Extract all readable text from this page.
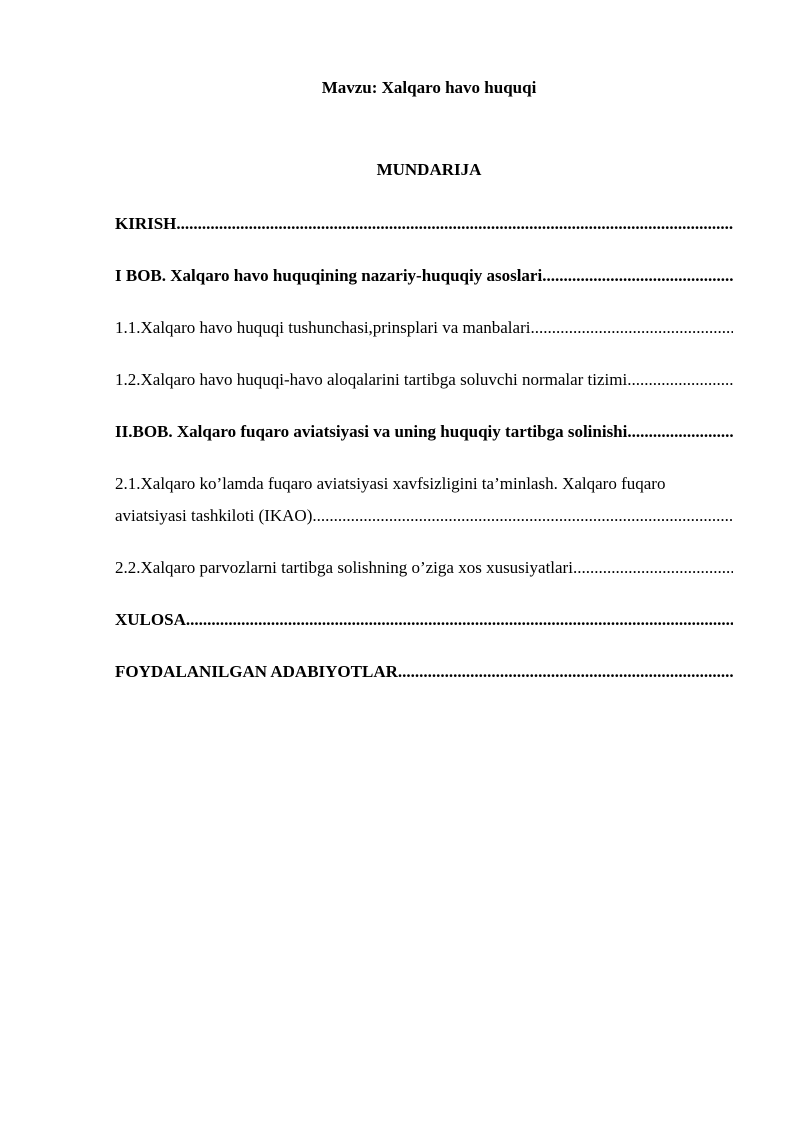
Mavzu: Xalqaro havo huquqi
MUNDARIJA
KIRISH
.....
I BOB. Xalqaro havo huquqining nazariy-huquqiy asoslari
.....
1.1.Xalqaro havo huquqi tushunchasi,prinsplari va manbalari
.....
1.2.Xalqaro havo huquqi-havo aloqalarini tartibga soluvchi normalar tizimi
.....
II.BOB. Xalqaro fuqaro aviatsiyasi va uning huquqiy tartibga solinishi
.....
2.1.Xalqaro ko’lamda fuqaro aviatsiyasi xavfsizligini ta’minlash. Xalqaro fuqaro
aviatsiyasi tashkiloti (IKAO)
.....
2.2.Xalqaro parvozlarni tartibga solishning o’ziga xos xususiyatlari
.....
XULOSA
.....
FOYDALANILGAN ADABIYOTLAR
.....
